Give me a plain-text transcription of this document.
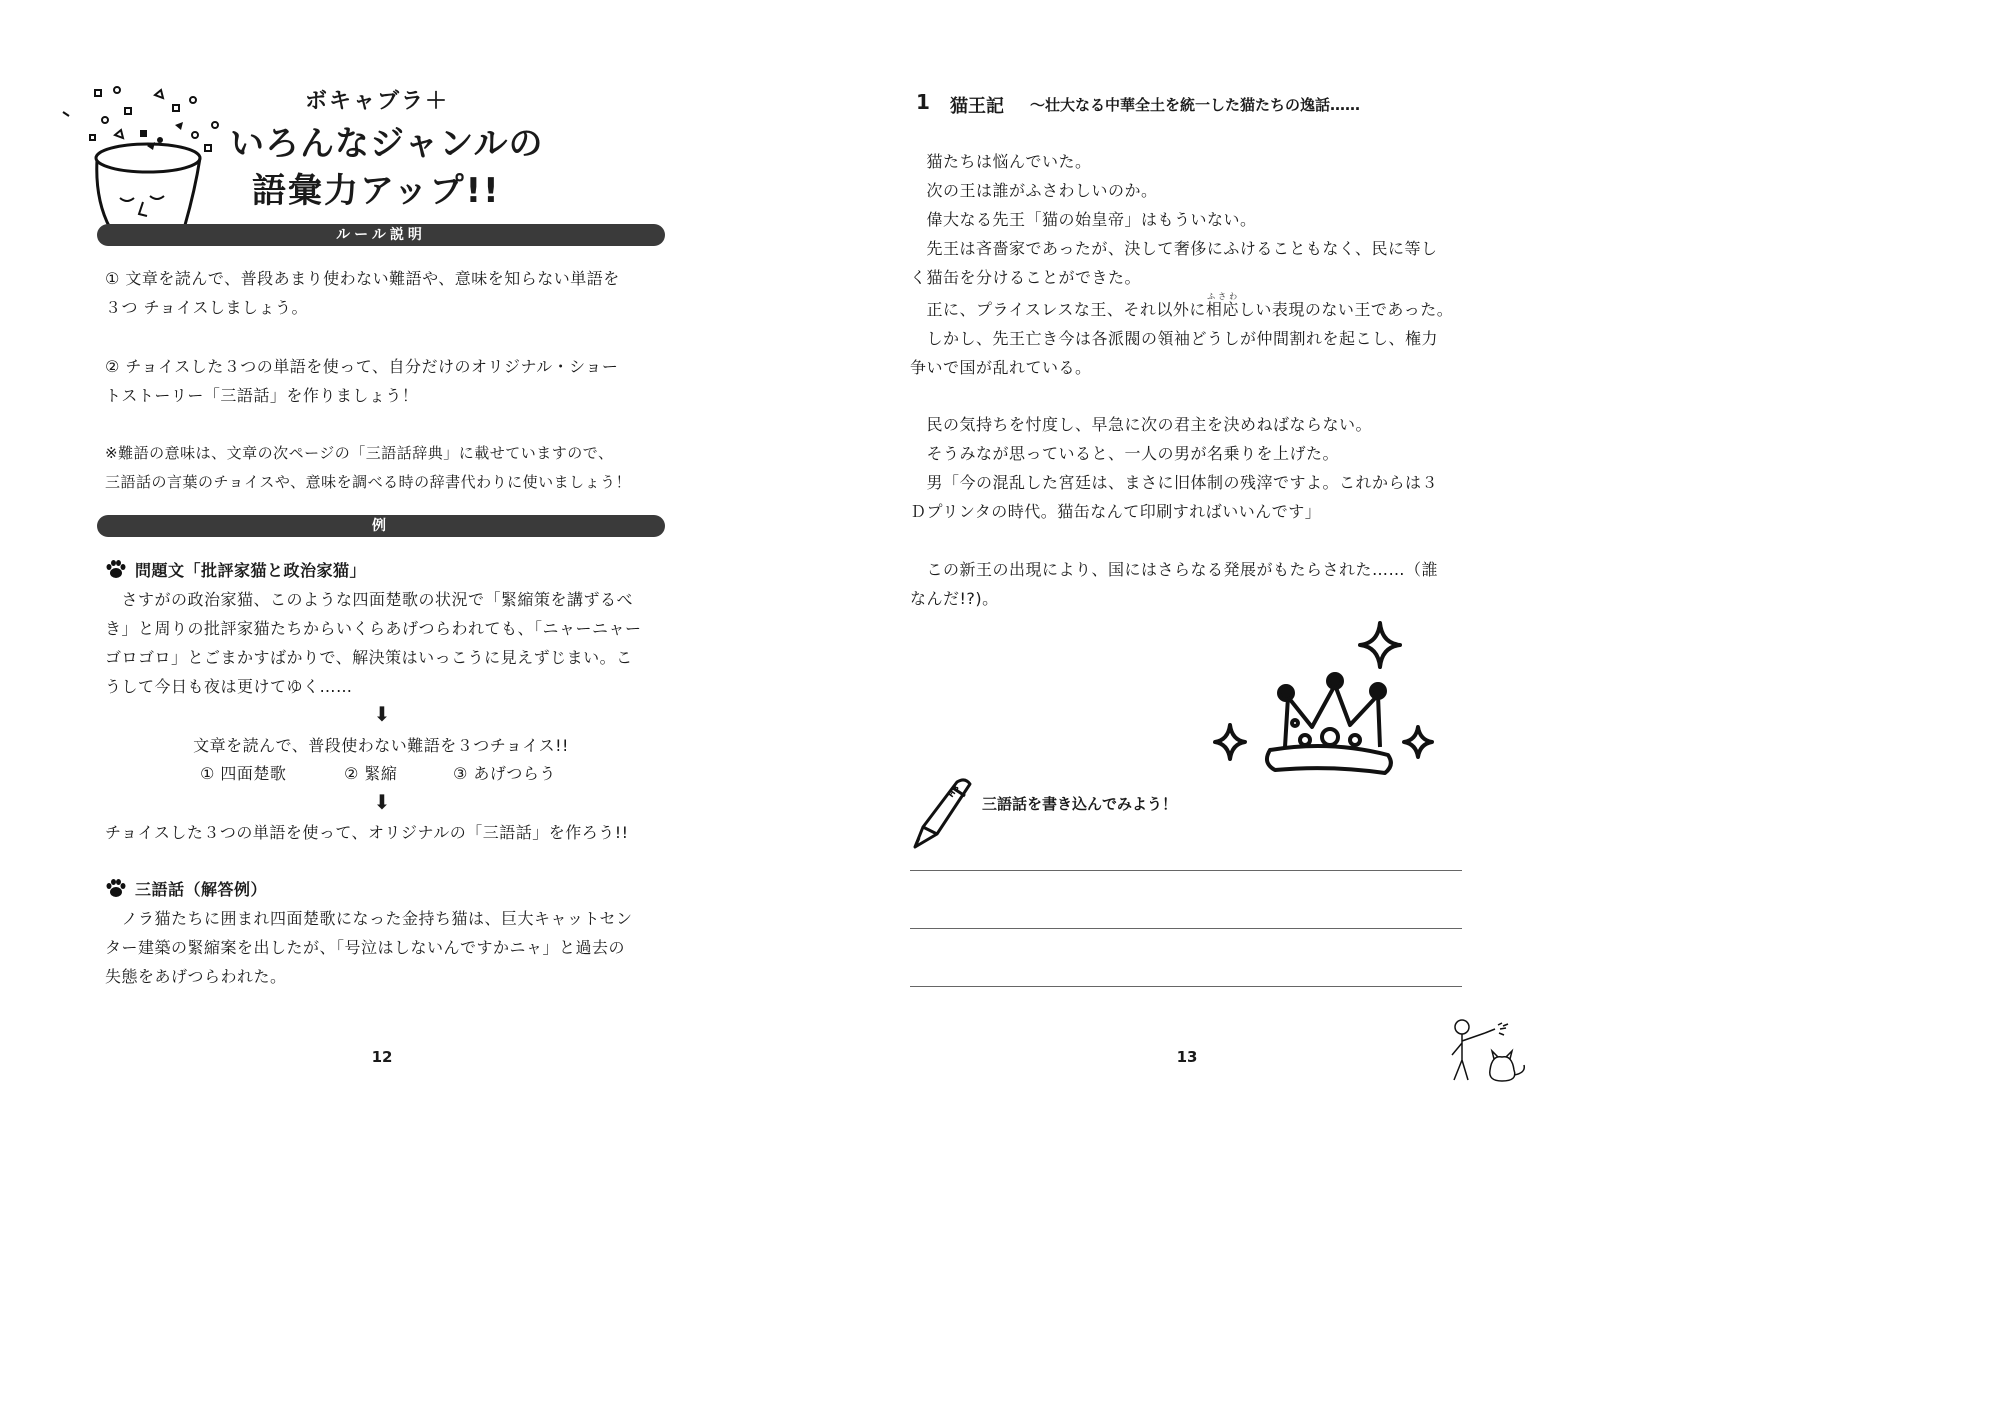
ボキャブラ＋
いろんなジャンルの
語彙力アップ!!
ルール説明
① 文章を読んで、普段あまり使わない難語や、意味を知らない単語を
３つ チョイスしましょう。
② チョイスした３つの単語を使って、自分だけのオリジナル・ショー
トストーリー「三語話」を作りましょう！
※難語の意味は、文章の次ページの「三語話辞典」に載せていますので、
三語話の言葉のチョイスや、意味を調べる時の辞書代わりに使いましょう！
例
問題文「批評家猫と政治家猫」
　さすがの政治家猫、このような四面楚歌の状況で「緊縮策を講ずるべ
き」と周りの批評家猫たちからいくらあげつらわれても、「ニャーニャー
ゴロゴロ」とごまかすばかりで、解決策はいっこうに見えずじまい。こ
うして今日も夜は更けてゆく……
⬇
文章を読んで、普段使わない難語を３つチョイス!!
① 四面楚歌	② 緊縮	③ あげつらう
⬇
チョイスした３つの単語を使って、オリジナルの「三語話」を作ろう!!
三語話（解答例）
　ノラ猫たちに囲まれ四面楚歌になった金持ち猫は、巨大キャットセン
ター建築の緊縮案を出したが、「号泣はしないんですかニャ」と過去の
失態をあげつらわれた。
12
1 猫王記 〜壮大なる中華全土を統一した猫たちの逸話……
　猫たちは悩んでいた。
　次の王は誰がふさわしいのか。
　偉大なる先王「猫の始皇帝」はもういない。
　先王は吝嗇家であったが、決して奢侈にふけることもなく、民に等し
く猫缶を分けることができた。
　正に、プライスレスな王、それ以外に相応ふさわしい表現のない王であった。
　しかし、先王亡き今は各派閥の領袖どうしが仲間割れを起こし、権力
争いで国が乱れている。
　民の気持ちを忖度し、早急に次の君主を決めねばならない。
　そうみなが思っていると、一人の男が名乗りを上げた。
　男「今の混乱した宮廷は、まさに旧体制の残滓ですよ。これからは３
Ｄプリンタの時代。猫缶なんて印刷すればいいんです」
　この新王の出現により、国にはさらなる発展がもたらされた……（誰
なんだ!?)。
HB
三語話を書き込んでみよう！
13
